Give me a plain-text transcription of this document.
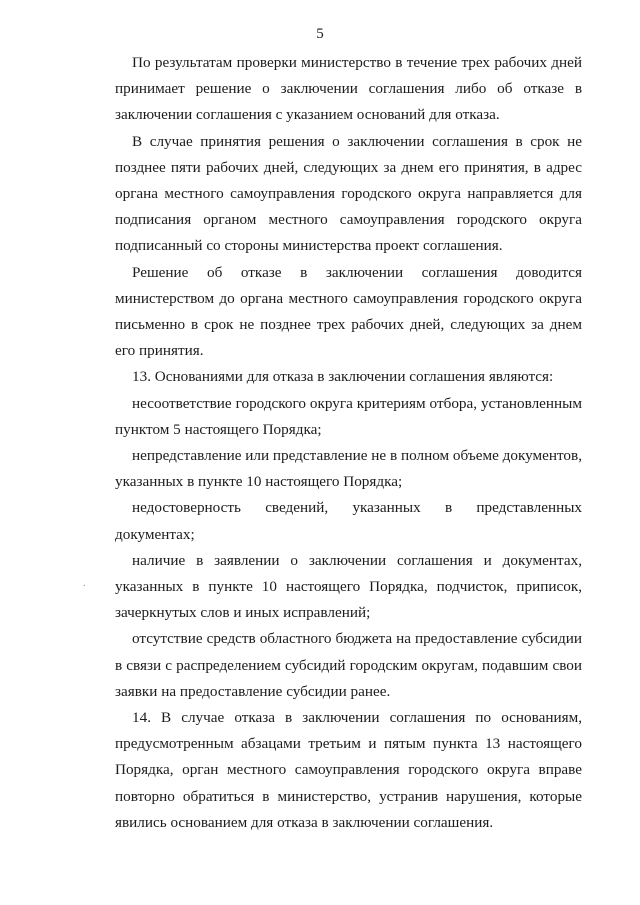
5

По результатам проверки министерство в течение трех рабочих дней принимает решение о заключении соглашения либо об отказе в заключении соглашения с указанием оснований для отказа.

В случае принятия решения о заключении соглашения в срок не позднее пяти рабочих дней, следующих за днем его принятия, в адрес органа местного самоуправления городского округа направляется для подписания органом местного самоуправления городского округа подписанный со стороны министерства проект соглашения.

Решение об отказе в заключении соглашения доводится министерством до органа местного самоуправления городского округа письменно в срок не позднее трех рабочих дней, следующих за днем его принятия.

13. Основаниями для отказа в заключении соглашения являются:

несоответствие городского округа критериям отбора, установленным пунктом 5 настоящего Порядка;

непредставление или представление не в полном объеме документов, указанных в пункте 10 настоящего Порядка;

недостоверность сведений, указанных в представленных документах;

наличие в заявлении о заключении соглашения и документах, указанных в пункте 10 настоящего Порядка, подчисток, приписок, зачеркнутых слов и иных исправлений;

отсутствие средств областного бюджета на предоставление субсидии в связи с распределением субсидий городским округам, подавшим свои заявки на предоставление субсидии ранее.

14. В случае отказа в заключении соглашения по основаниям, предусмотренным абзацами третьим и пятым пункта 13 настоящего Порядка, орган местного самоуправления городского округа вправе повторно обратиться в министерство, устранив нарушения, которые явились основанием для отказа в заключении соглашения.

.
